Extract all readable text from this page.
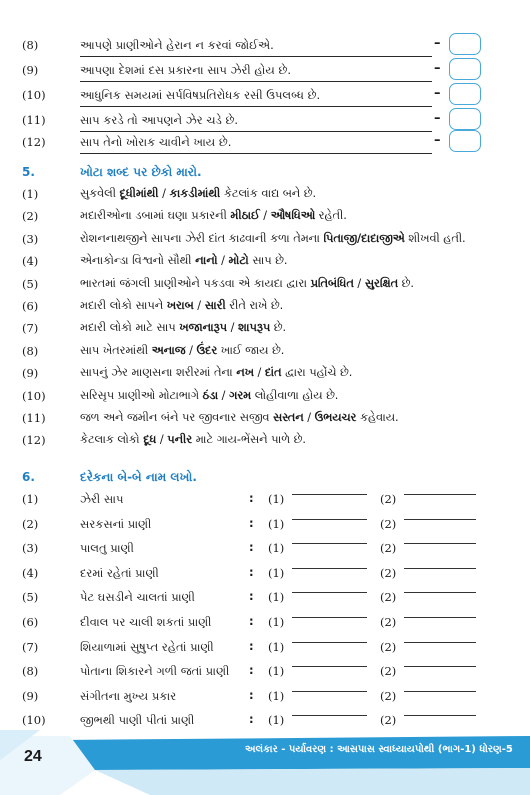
(8)	આપણે પ્રાણીઓને હેરાન ન કરવાં જોઈએ.	–
(9)	આપણા દેશમાં દસ પ્રકારના સાપ ઝેરી હોય છે.	–
(10)	આધુનિક સમયમાં સર્પવિષપ્રતિરોધક રસી ઉપલબ્ધ છે.	–
(11)	સાપ કરડે તો આપણને ઝેર ચડે છે.	–
(12)	સાપ તેનો ખોરાક ચાવીને ખાય છે.	–
5.	ખોટા શબ્દ પર છેકો મારો.
(1)	સુકવેલી દૂધીમાંથી / કાકડીમાંથી કેટલાંક વાદ્ય બને છે.
(2)	મદારીઓના ડબામાં ઘણા પ્રકારની મીઠાઈ / ઔષધિઓ રહેતી.
(3)	રોશનનાથજીને સાપના ઝેરી દાંત કાઢવાની કળા તેમના પિતાજી/દાદાજીએ શીખવી હતી.
(4)	એનાકોન્ડા વિશ્વનો સૌથી નાનો / મોટો સાપ છે.
(5)	ભારતમાં જંગલી પ્રાણીઓને પકડવા એ કાયદા દ્વારા પ્રતિબંધિત / સુરક્ષિત છે.
(6)	મદારી લોકો સાપને ખરાબ / સારી રીતે રાખે છે.
(7)	મદારી લોકો માટે સાપ ખજાનારૂપ / શાપરૂપ છે.
(8)	સાપ ખેતરમાંથી અનાજ / ઉંદર ખાઈ જાય છે.
(9)	સાપનું ઝેર માણસના શરીરમાં તેના નખ / દાંત દ્વારા પહોંચે છે.
(10)	સરિસૃપ પ્રાણીઓ મોટાભાગે ઠંડા / ગરમ લોહીવાળા હોય છે.
(11)	જળ અને જમીન બંને પર જીવનાર સજીવ સસ્તન / ઉભયચર કહેવાય.
(12)	કેટલાક લોકો દૂધ / પનીર માટે ગાય-ભેંસને પાળે છે.
6.	દરેકના બે-બે નામ લખો.
(1)	ઝેરી સાપ	: (1)	(2)
(2)	સરકસનાં પ્રાણી	: (1)	(2)
(3)	પાલતુ પ્રાણી	: (1)	(2)
(4)	દરમાં રહેતાં પ્રાણી	: (1)	(2)
(5)	પેટ ઘસડીને ચાલતાં પ્રાણી	: (1)	(2)
(6)	દીવાલ પર ચાલી શકતાં પ્રાણી	: (1)	(2)
(7)	શિયાળામાં સુષુપ્ત રહેતાં પ્રાણી	: (1)	(2)
(8)	પોતાના શિકારને ગળી જતાં પ્રાણી : (1)	(2)
(9)	સંગીતના મુખ્ય પ્રકાર	: (1)	(2)
(10)	જીભથી પાણી પીતાં પ્રાણી	: (1)	(2)
24	અલંકાર - પર્યાવરણ : આસપાસ સ્વાધ્યાયપોથી (ભાગ-1) ધોરણ-5
